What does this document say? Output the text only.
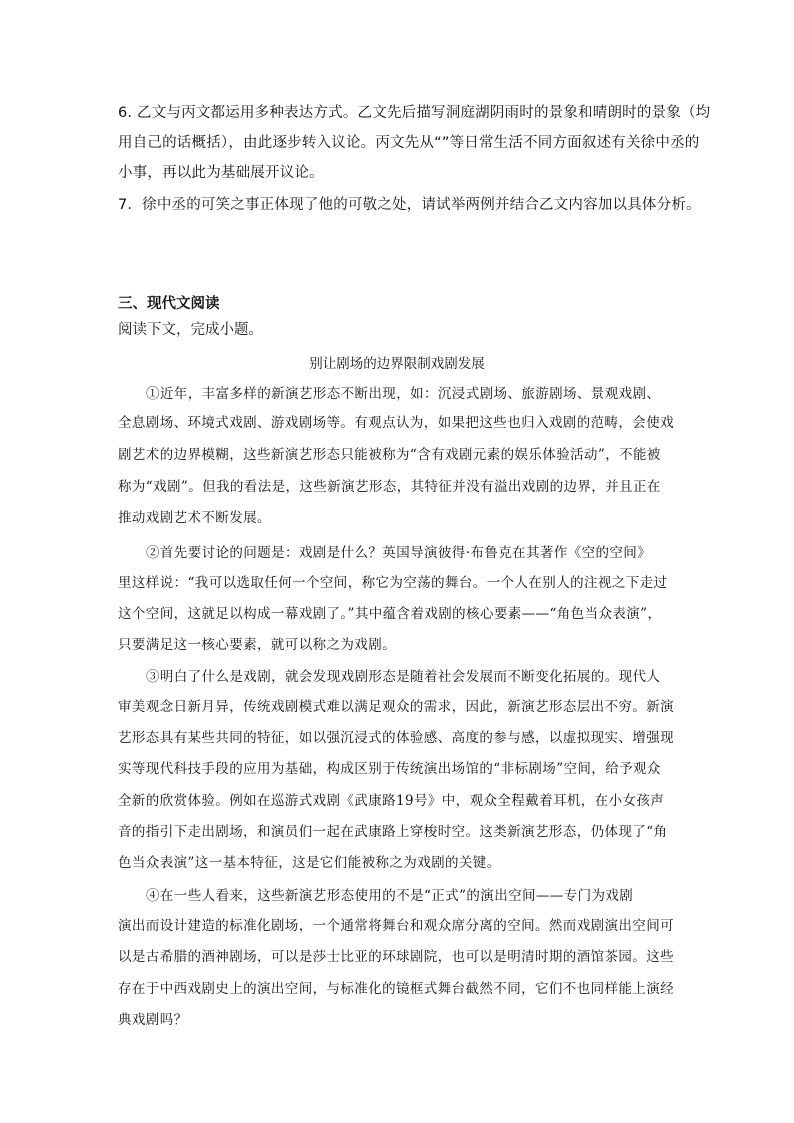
6. 乙文与丙文都运用多种表达方式。乙文先后描写洞庭湖阴雨时的景象和晴朗时的景象（均
用自己的话概括），由此逐步转入议论。丙文先从“”等日常生活不同方面叙述有关徐中丞的
小事，再以此为基础展开议论。
7．徐中丞的可笑之事正体现了他的可敬之处，请试举两例并结合乙文内容加以具体分析。
三、现代文阅读
阅读下文，完成小题。
别让剧场的边界限制戏剧发展
①近年，丰富多样的新演艺形态不断出现，如：沉浸式剧场、旅游剧场、景观戏剧、
全息剧场、环境式戏剧、游戏剧场等。有观点认为，如果把这些也归入戏剧的范畴，会使戏
剧艺术的边界模糊，这些新演艺形态只能被称为“含有戏剧元素的娱乐体验活动”，不能被
称为“戏剧”。但我的看法是，这些新演艺形态，其特征并没有溢出戏剧的边界，并且正在
推动戏剧艺术不断发展。
②首先要讨论的问题是：戏剧是什么？英国导演彼得·布鲁克在其著作《空的空间》
里这样说：“我可以选取任何一个空间，称它为空荡的舞台。一个人在别人的注视之下走过
这个空间，这就足以构成一幕戏剧了。”其中蕴含着戏剧的核心要素——“角色当众表演”，
只要满足这一核心要素，就可以称之为戏剧。
③明白了什么是戏剧，就会发现戏剧形态是随着社会发展而不断变化拓展的。现代人
审美观念日新月异，传统戏剧模式难以满足观众的需求，因此，新演艺形态层出不穷。新演
艺形态具有某些共同的特征，如以强沉浸式的体验感、高度的参与感，以虚拟现实、增强现
实等现代科技手段的应用为基础，构成区别于传统演出场馆的“非标剧场”空间，给予观众
全新的欣赏体验。例如在巡游式戏剧《武康路19号》中，观众全程戴着耳机，在小女孩声
音的指引下走出剧场，和演员们一起在武康路上穿梭时空。这类新演艺形态，仍体现了“角
色当众表演”这一基本特征，这是它们能被称之为戏剧的关键。
④在一些人看来，这些新演艺形态使用的不是“正式”的演出空间——专门为戏剧
演出而设计建造的标准化剧场，一个通常将舞台和观众席分离的空间。然而戏剧演出空间可
以是古希腊的酒神剧场，可以是莎士比亚的环球剧院，也可以是明清时期的酒馆茶园。这些
存在于中西戏剧史上的演出空间，与标准化的镜框式舞台截然不同，它们不也同样能上演经
典戏剧吗？
